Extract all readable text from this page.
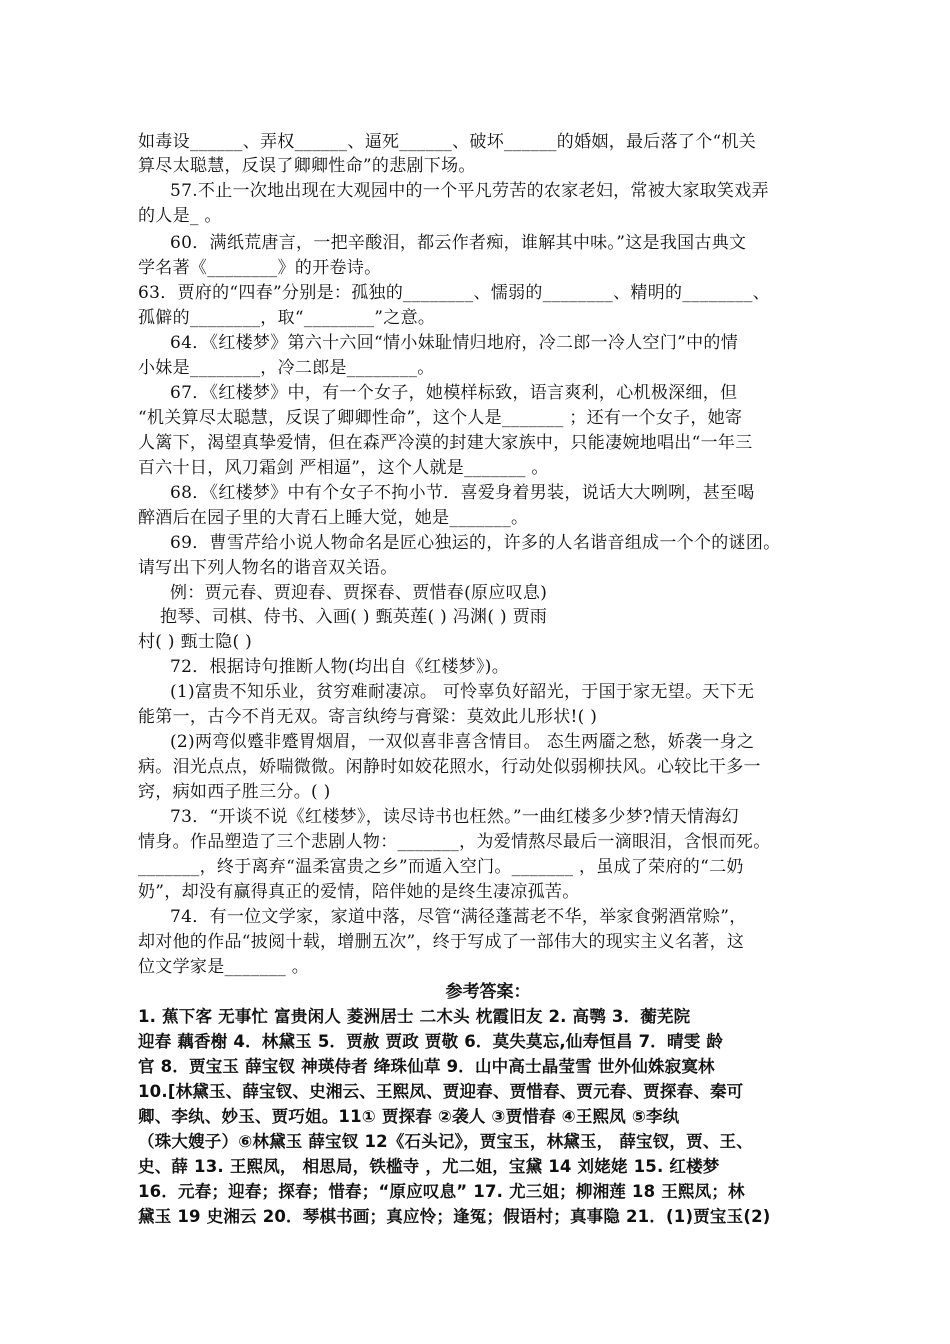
如毒设______、弄权______、逼死______、破坏______的婚姻，最后落了个“机关
算尽太聪慧，反误了卿卿性命”的悲剧下场。
57.不止一次地出现在大观园中的一个平凡劳苦的农家老妇，常被大家取笑戏弄
的人是_ 。
60．满纸荒唐言，一把辛酸泪，都云作者痴，谁解其中味。”这是我国古典文
学名著《________》的开卷诗。
63．贾府的“四春”分别是：孤独的________、懦弱的________、精明的________、
孤僻的________，取“________”之意。
64．《红楼梦》第六十六回“情小妹耻情归地府，冷二郎一冷人空门”中的情
小妹是________，冷二郎是________。
67．《红楼梦》中，有一个女子，她模样标致，语言爽利，心机极深细，但
“机关算尽太聪慧，反误了卿卿性命”，这个人是_______ ；还有一个女子，她寄
人篱下，渴望真挚爱情，但在森严冷漠的封建大家族中，只能凄婉地唱出“一年三
百六十日，风刀霜剑 严相逼”，这个人就是_______ 。
68．《红楼梦》中有个女子不拘小节．喜爱身着男装，说话大大咧咧，甚至喝
醉酒后在园子里的大青石上睡大觉，她是_______。
69．曹雪芹给小说人物命名是匠心独运的，许多的人名谐音组成一个个的谜团。
请写出下列人物名的谐音双关语。
例：贾元春、贾迎春、贾探春、贾惜春(原应叹息)
抱琴、司棋、侍书、入画( ) 甄英莲( ) 冯渊( ) 贾雨
村( ) 甄士隐( )
72．根据诗句推断人物(均出自《红楼梦》)。
(1)富贵不知乐业，贫穷难耐凄凉。 可怜辜负好韶光，于国于家无望。天下无
能第一，古今不肖无双。寄言纨绔与膏粱：莫效此儿形状!( )
(2)两弯似蹙非蹙胃烟眉，一双似喜非喜含情目。 态生两靥之愁，娇袭一身之
病。泪光点点，娇喘微微。闲静时如姣花照水，行动处似弱柳扶风。心较比干多一
窍，病如西子胜三分。( )
73．“开谈不说《红楼梦》，读尽诗书也枉然。”一曲红楼多少梦?情天情海幻
情身。作品塑造了三个悲剧人物：_______，为爱情熬尽最后一滴眼泪，含恨而死。
_______，终于离弃“温柔富贵之乡”而遁入空门。_______ ，虽成了荣府的“二奶
奶”，却没有赢得真正的爱情，陪伴她的是终生凄凉孤苦。
74．有一位文学家，家道中落，尽管“满径蓬蒿老不华，举家食粥酒常赊”，
却对他的作品“披阅十载，增删五次”，终于写成了一部伟大的现实主义名著，这
位文学家是_______ 。
参考答案：
1. 蕉下客 无事忙 富贵闲人 菱洲居士 二木头 枕霞旧友 2. 高鹗 3．蘅芜院
迎春 藕香榭 4．林黛玉 5．贾赦 贾政 贾敬 6．莫失莫忘,仙寿恒昌 7．晴雯 龄
官 8．贾宝玉 薛宝钗 神瑛侍者 绛珠仙草 9．山中高士晶莹雪 世外仙姝寂寞林
10.[林黛玉、薛宝钗、史湘云、王熙凤、贾迎春、贾惜春、贾元春、贾探春、秦可
卿、李纨、妙玉、贾巧姐。11① 贾探春 ②袭人 ③贾惜春 ④王熙凤 ⑤李纨
（珠大嫂子）⑥林黛玉 薛宝钗 12《石头记》，贾宝玉，林黛玉， 薛宝钗，贾、王、
史、薛 13. 王熙凤， 相思局，铁槛寺 ，尤二姐，宝黛 14 刘姥姥 15. 红楼梦
16．元春；迎春；探春；惜春；“原应叹息” 17. 尤三姐；柳湘莲 18 王熙凤；林
黛玉 19 史湘云 20．琴棋书画；真应怜；逢冤；假语村；真事隐 21．(1)贾宝玉(2)
